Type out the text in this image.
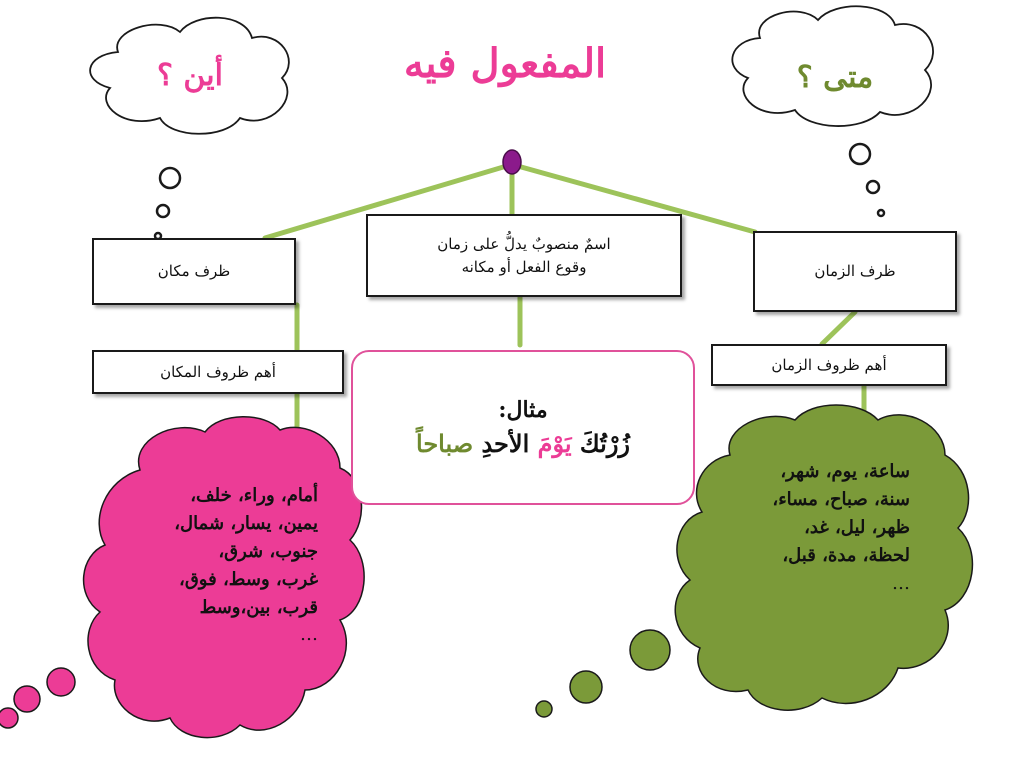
المفعول فيه
أين ؟	متى ؟
اسمٌ منصوبٌ يدلُّ على زمان
وقوع الفعل أو مكانه
ظرف مكان	ظرف الزمان
أهم ظروف المكان	أهم ظروف الزمان
مثال:
زُرْتُكَ يَوْمَ الأحدِ صباحاً
أمام، وراء، خلف،
يمين، يسار، شمال،
جنوب، شرق،
غرب، وسط، فوق،
قرب، بين،وسط
…
ساعة، يوم، شهر،
سنة، صباح، مساء،
ظهر، ليل، غد،
لحظة، مدة، قبل،
…
